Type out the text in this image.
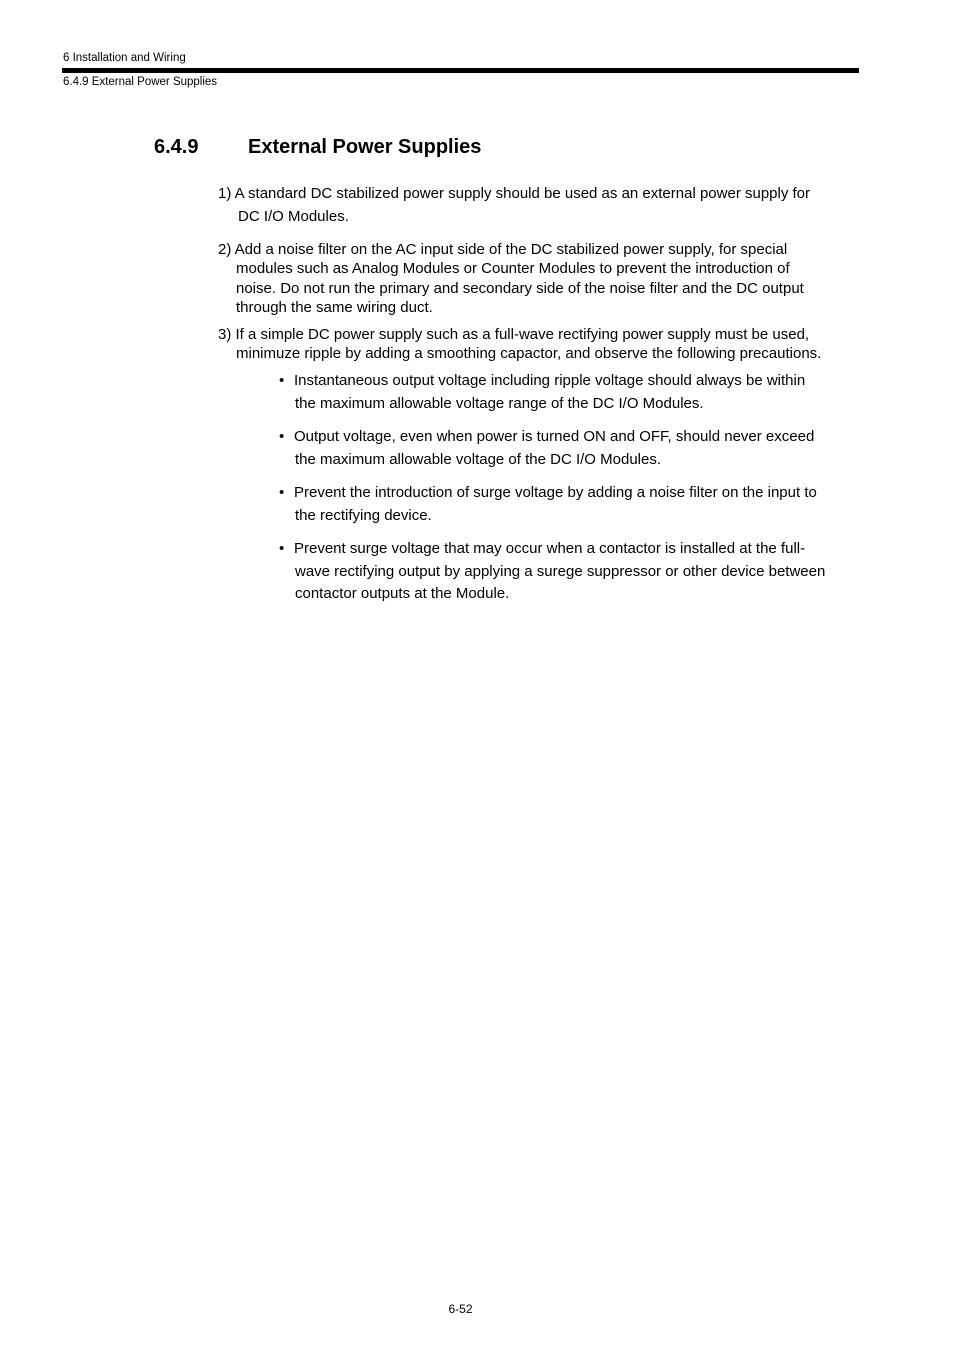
6 Installation and Wiring
6.4.9 External Power Supplies
6.4.9 External Power Supplies
1) A standard DC stabilized power supply should be used as an external power supply for
DC I/O Modules.
2) Add a noise filter on the AC input side of the DC stabilized power supply, for special
modules such as Analog Modules or Counter Modules to prevent the introduction of
noise. Do not run the primary and secondary side of the noise filter and the DC output
through the same wiring duct.
3) If a simple DC power supply such as a full-wave rectifying power supply must be used,
minimuze ripple by adding a smoothing capactor, and observe the following precautions.
• Instantaneous output voltage including ripple voltage should always be within
the maximum allowable voltage range of the DC I/O Modules.
• Output voltage, even when power is turned ON and OFF, should never exceed
the maximum allowable voltage of the DC I/O Modules.
• Prevent the introduction of surge voltage by adding a noise filter on the input to
the rectifying device.
• Prevent surge voltage that may occur when a contactor is installed at the full-
wave rectifying output by applying a surege suppressor or other device between
contactor outputs at the Module.
6-52
